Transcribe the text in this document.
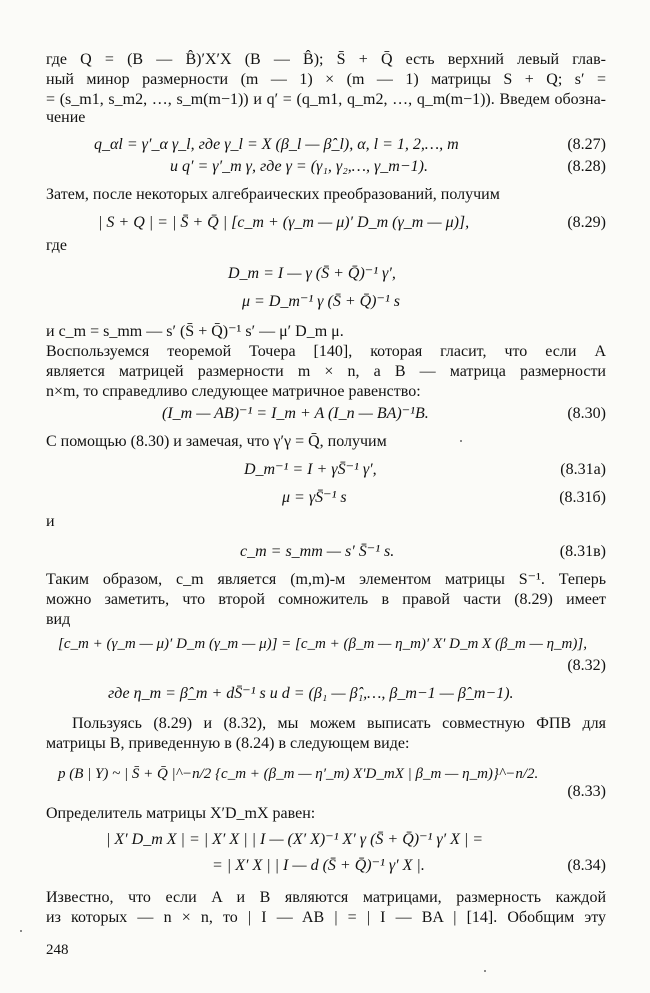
где Q = (B — B̂)′X′X (B — B̂); S̄ + Q̄ есть верхний левый глав-
ный минор размерности (m — 1) × (m — 1) матрицы S + Q; s′ =
= (s_m1, s_m2, …, s_m(m−1)) и q′ = (q_m1, q_m2, …, q_m(m−1)). Введем обозна-
чение
q_αl = γ′_α γ_l, где γ_l = X (β_l — β̂_l), α, l = 1, 2,…, m	(8.27)
и q′ = γ′_m γ, где γ = (γ₁, γ₂,…, γ_m−1).	(8.28)
Затем, после некоторых алгебраических преобразований, получим
| S + Q | = | S̄ + Q̄ | [c_m + (γ_m — μ)′ D_m (γ_m — μ)],	(8.29)
где
D_m = I — γ (S̄ + Q̄)⁻¹ γ′,
μ = D_m⁻¹ γ (S̄ + Q̄)⁻¹ s
и c_m = s_mm — s′ (S̄ + Q̄)⁻¹ s′ — μ′ D_m μ.
Воспользуемся теоремой Точера [140], которая гласит, что если A
является матрицей размерности m × n, а B — матрица размерности
n×m, то справедливо следующее матричное равенство:
(I_m — AB)⁻¹ = I_m + A (I_n — BA)⁻¹B.	(8.30)
С помощью (8.30) и замечая, что γ′γ = Q̄, получим
D_m⁻¹ = I + γS̄⁻¹ γ′,	(8.31a)
μ = γS̄⁻¹ s	(8.31б)
и
c_m = s_mm — s′ S̄⁻¹ s.	(8.31в)
Таким образом, c_m является (m,m)-м элементом матрицы S⁻¹. Теперь
можно заметить, что второй сомножитель в правой части (8.29) имеет
вид
[c_m + (γ_m — μ)′ D_m (γ_m — μ)] = [c_m + (β_m — η_m)′ X′ D_m X (β_m — η_m)],
(8.32)
где η_m = β̂_m + dS̄⁻¹ s и d = (β₁ — β̂₁,…, β_m−1 — β̂_m−1).
Пользуясь (8.29) и (8.32), мы можем выписать совместную ФПВ для
матрицы B, приведенную в (8.24) в следующем виде:
p (B | Y) ~ | S̄ + Q̄ |^−n/2 {c_m + (β_m — η′_m) X′D_mX | β_m — η_m)}^−n/2.
(8.33)
Определитель матрицы X′D_mX равен:
| X′ D_m X | = | X′ X | | I — (X′ X)⁻¹ X′ γ (S̄ + Q̄)⁻¹ γ′ X | =
= | X′ X | | I — d (S̄ + Q̄)⁻¹ γ′ X |.	(8.34)
Известно, что если A и B являются матрицами, размерность каждой
из которых — n × n, то | I — AB | = | I — BA | [14]. Обобщим эту
248
